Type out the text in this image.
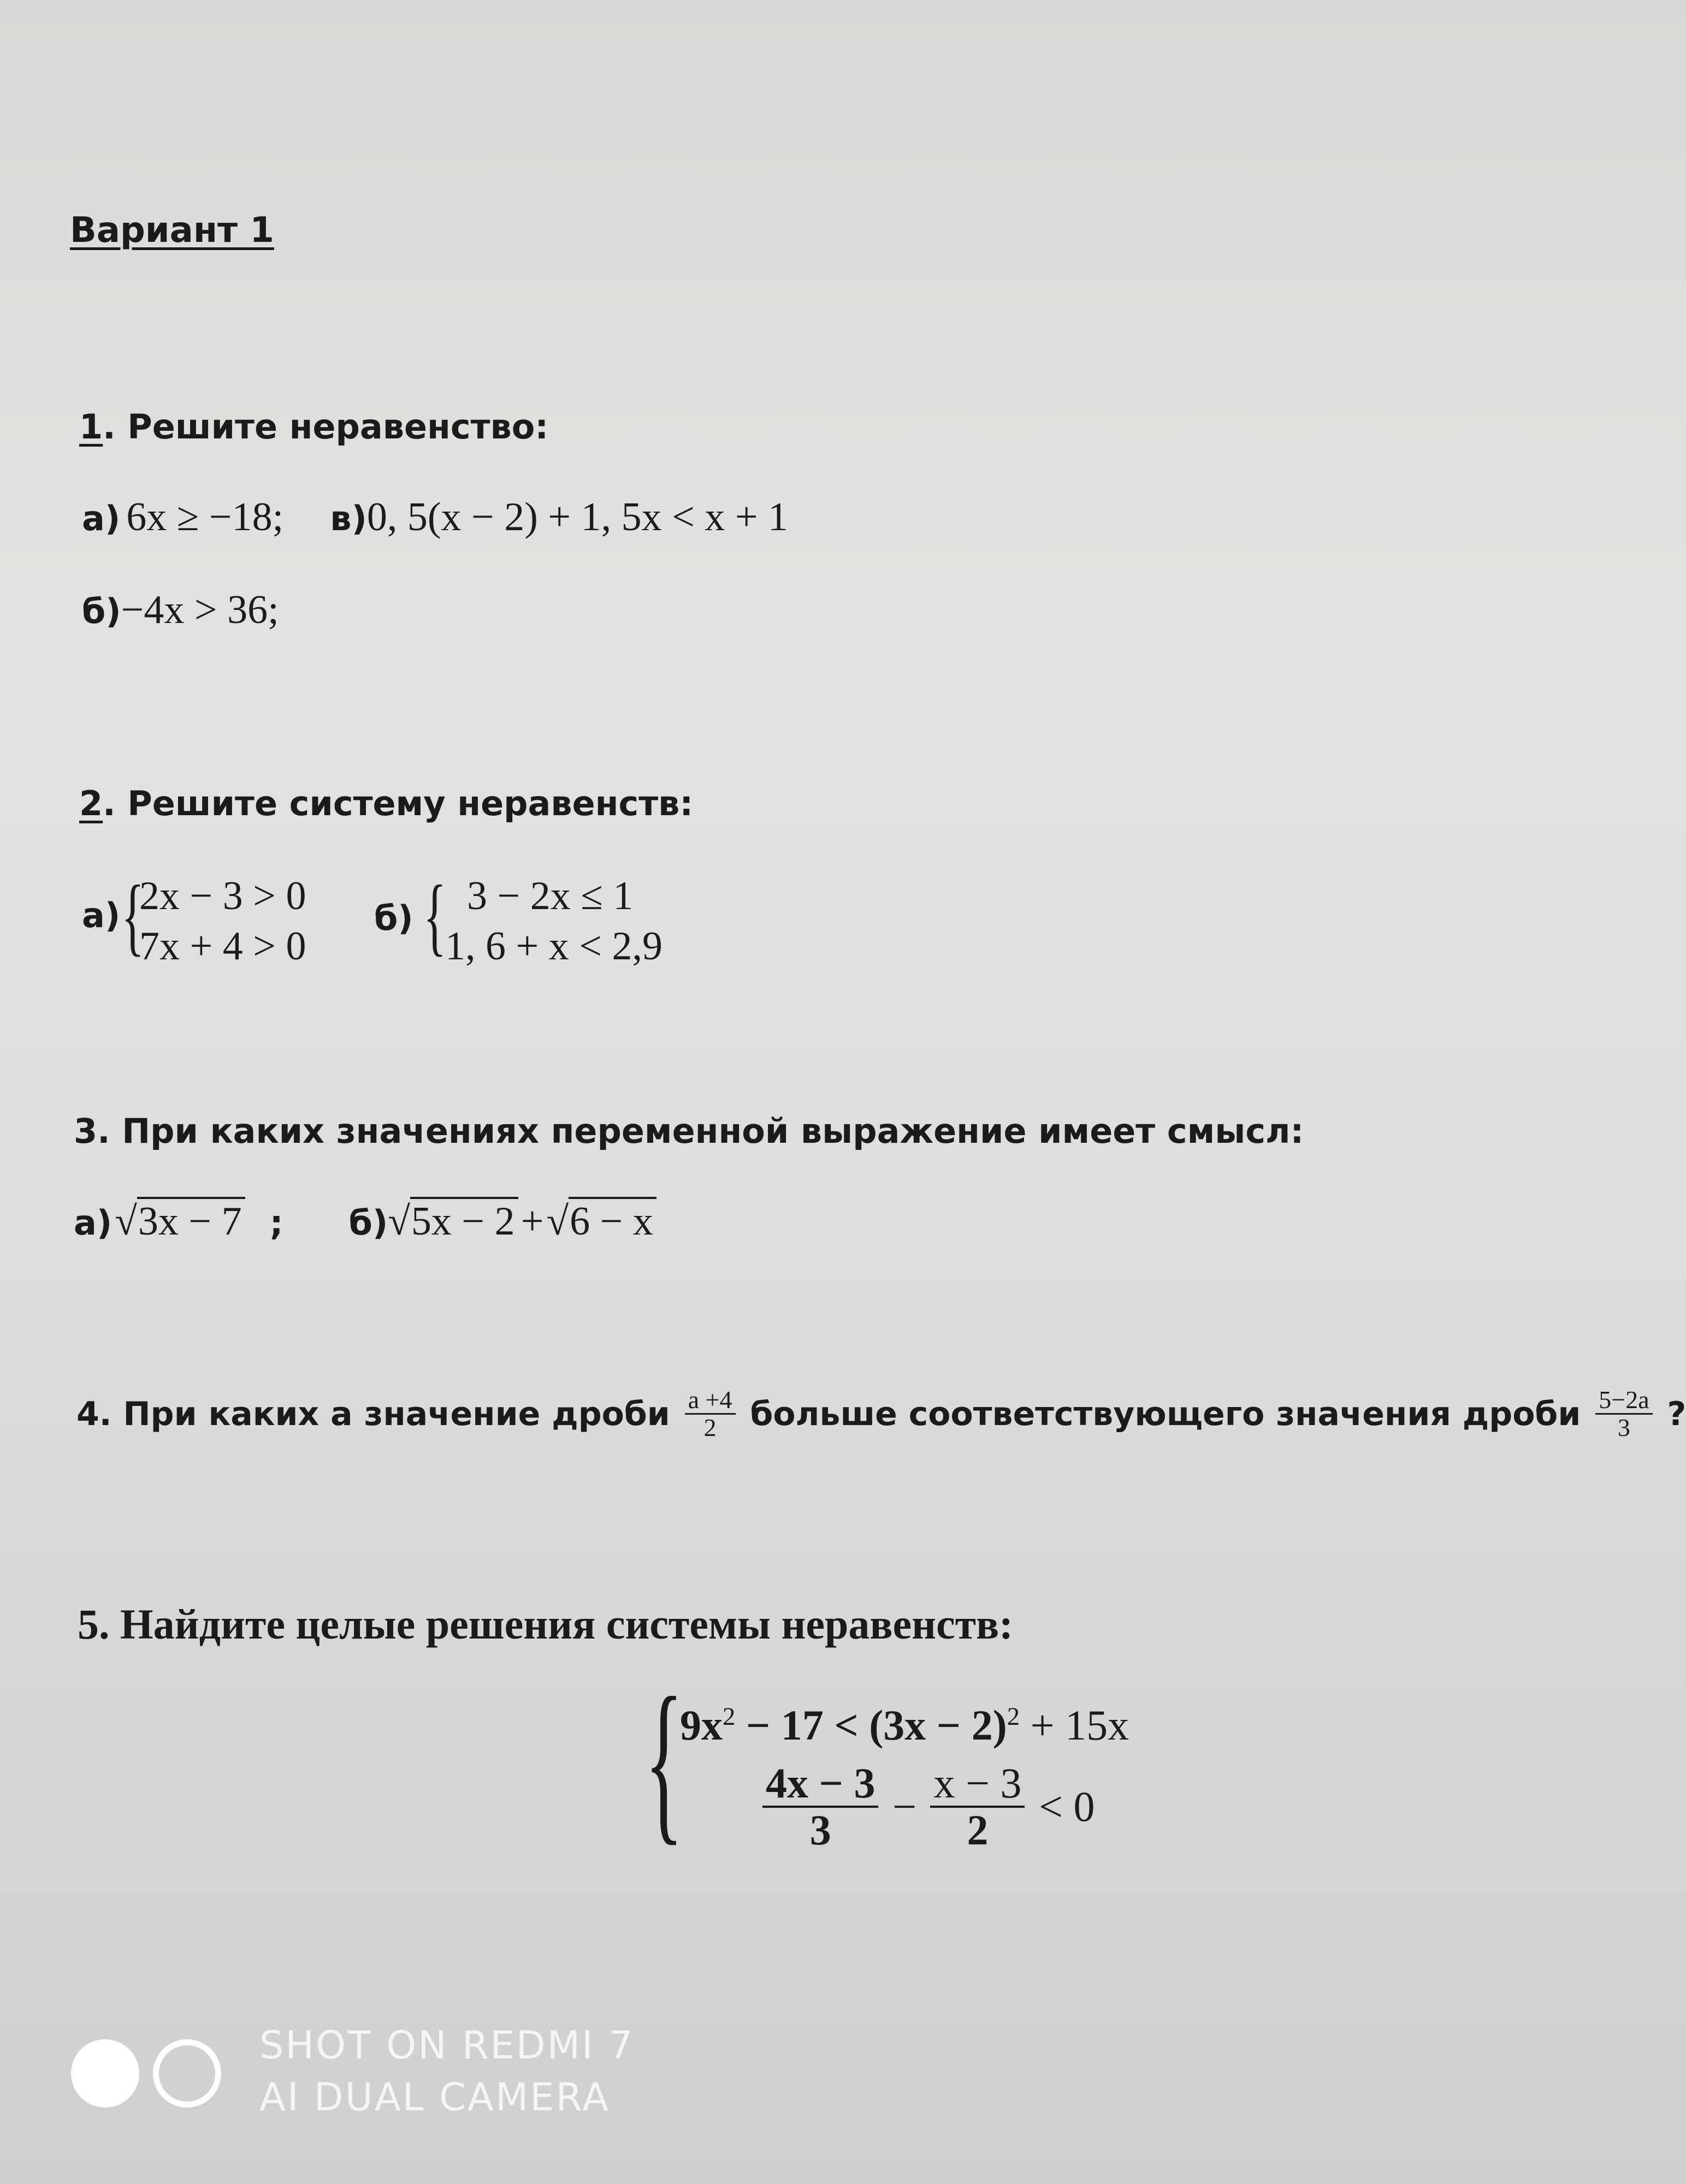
Вариант 1
1. Решите неравенство:
а) 6x ≥ −18; в)0, 5(x − 2) + 1, 5x < x + 1
б)−4x > 36;
2. Решите систему неравенств:
а) {
2x − 3 > 0
7x + 4 > 0
б) { 3 − 2x ≤ 1
1, 6 + x < 2,9
3. При каких значениях переменной выражение имеет смысл:
а) √3x − 7 ; б)√5x − 2 + √6 − x
4. При каких а значение дроби $\frac{a +4}{2}$ больше соответствующего значения дроби $\frac{5-2a}{3}$ ?
5. Найдите целые решения системы неравенств:
{
$9x^2 - 17 < (3x - 2)^2 + 15x$
$\frac{4x - 3}{3} - \frac{x - 3}{2} < 0$
SHOT ON REDMI 7
AI DUAL CAMERA
